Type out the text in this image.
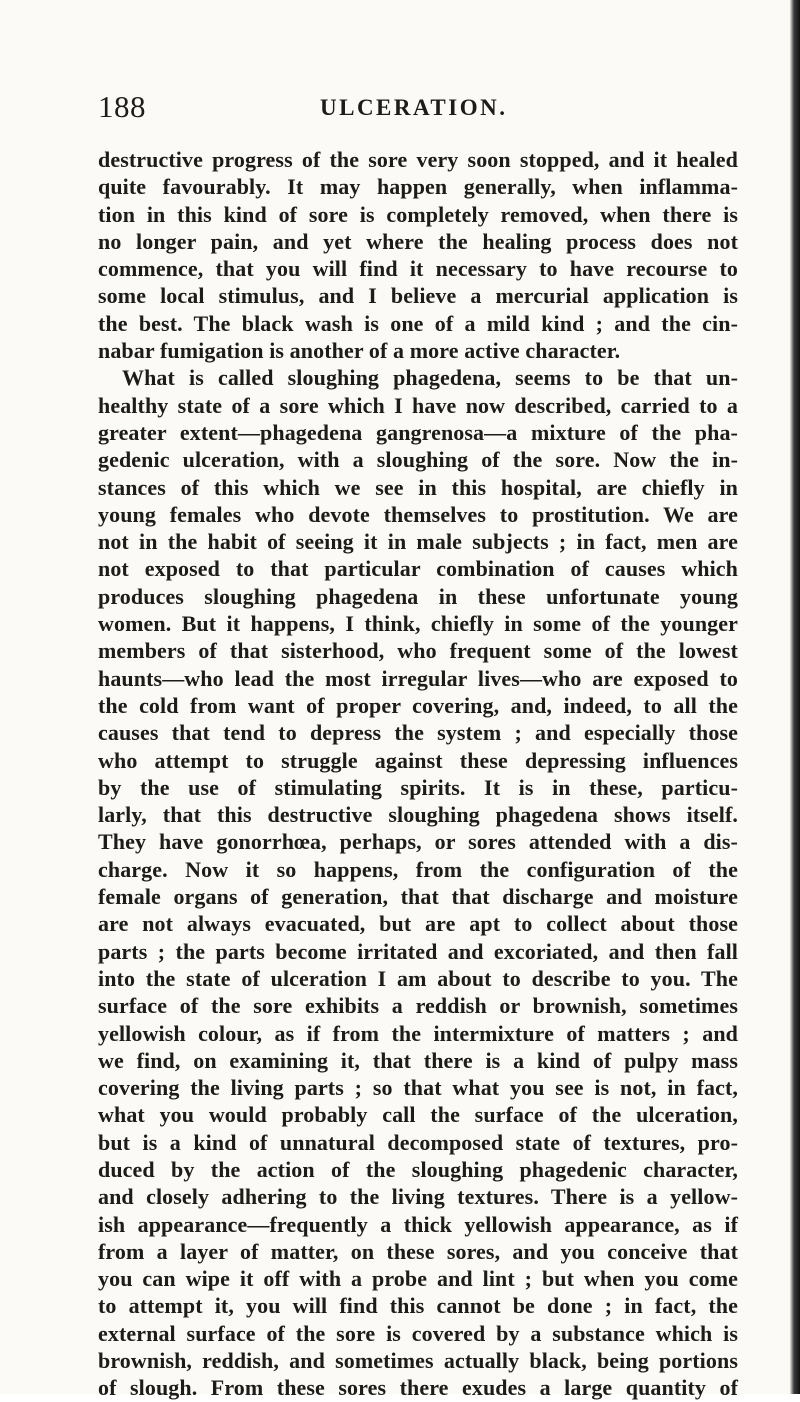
188	ULCERATION.
destructive progress of the sore very soon stopped, and it healed
quite favourably. It may happen generally, when inflamma-
tion in this kind of sore is completely removed, when there is
no longer pain, and yet where the healing process does not
commence, that you will find it necessary to have recourse to
some local stimulus, and I believe a mercurial application is
the best. The black wash is one of a mild kind ; and the cin-
nabar fumigation is another of a more active character.
What is called sloughing phagedena, seems to be that un-
healthy state of a sore which I have now described, carried to a
greater extent—phagedena gangrenosa—a mixture of the pha-
gedenic ulceration, with a sloughing of the sore. Now the in-
stances of this which we see in this hospital, are chiefly in
young females who devote themselves to prostitution. We are
not in the habit of seeing it in male subjects ; in fact, men are
not exposed to that particular combination of causes which
produces sloughing phagedena in these unfortunate young
women. But it happens, I think, chiefly in some of the younger
members of that sisterhood, who frequent some of the lowest
haunts—who lead the most irregular lives—who are exposed to
the cold from want of proper covering, and, indeed, to all the
causes that tend to depress the system ; and especially those
who attempt to struggle against these depressing influences
by the use of stimulating spirits. It is in these, particu-
larly, that this destructive sloughing phagedena shows itself.
They have gonorrhœa, perhaps, or sores attended with a dis-
charge. Now it so happens, from the configuration of the
female organs of generation, that that discharge and moisture
are not always evacuated, but are apt to collect about those
parts ; the parts become irritated and excoriated, and then fall
into the state of ulceration I am about to describe to you. The
surface of the sore exhibits a reddish or brownish, sometimes
yellowish colour, as if from the intermixture of matters ; and
we find, on examining it, that there is a kind of pulpy mass
covering the living parts ; so that what you see is not, in fact,
what you would probably call the surface of the ulceration,
but is a kind of unnatural decomposed state of textures, pro-
duced by the action of the sloughing phagedenic character,
and closely adhering to the living textures. There is a yellow-
ish appearance—frequently a thick yellowish appearance, as if
from a layer of matter, on these sores, and you conceive that
you can wipe it off with a probe and lint ; but when you come
to attempt it, you will find this cannot be done ; in fact, the
external surface of the sore is covered by a substance which is
brownish, reddish, and sometimes actually black, being portions
of slough. From these sores there exudes a large quantity of
